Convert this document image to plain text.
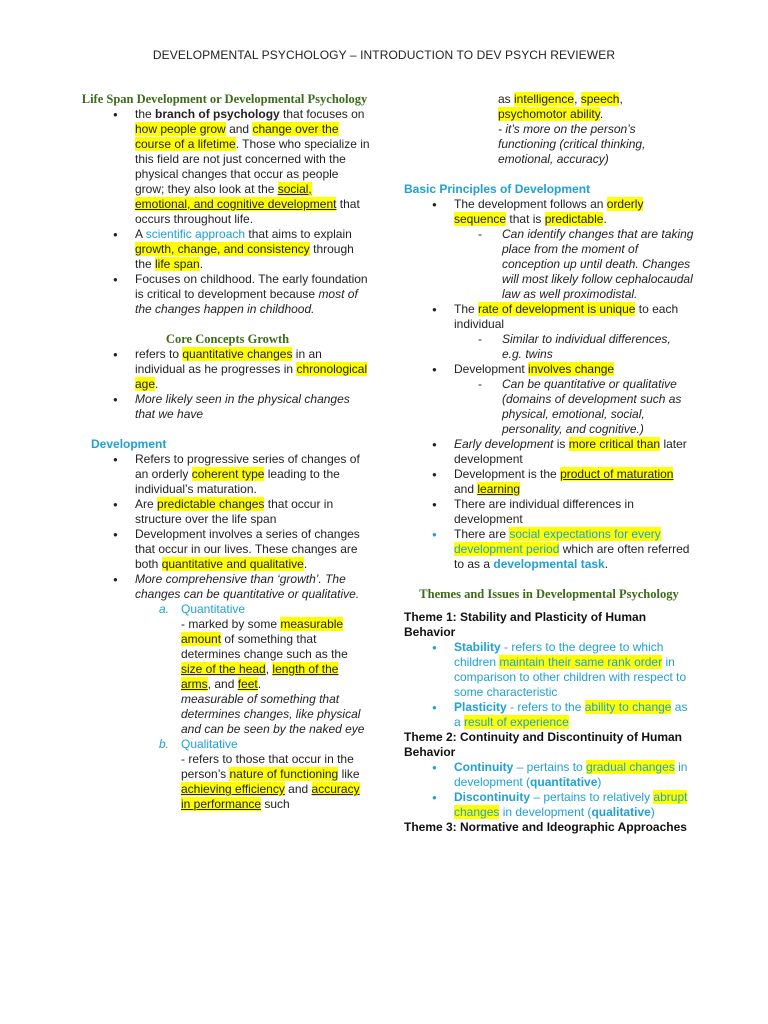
DEVELOPMENTAL PSYCHOLOGY – INTRODUCTION TO DEV PSYCH REVIEWER
Life Span Development or Developmental Psychology
● the branch of psychology that focuses on how people grow and change over the course of a lifetime. Those who specialize in this field are not just concerned with the physical changes that occur as people grow; they also look at the social, emotional, and cognitive development that occurs throughout life.
● A scientific approach that aims to explain growth, change, and consistency through the life span.
● Focuses on childhood. The early foundation is critical to development because most of the changes happen in childhood.
Core Concepts Growth
● refers to quantitative changes in an individual as he progresses in chronological age.
● More likely seen in the physical changes that we have
Development
● Refers to progressive series of changes of an orderly coherent type leading to the individual’s maturation.
● Are predictable changes that occur in structure over the life span
● Development involves a series of changes that occur in our lives. These changes are both quantitative and qualitative.
● More comprehensive than ‘growth’. The changes can be quantitative or qualitative.
a. Quantitative
- marked by some measurable amount of something that determines change such as the size of the head, length of the arms, and feet.
measurable of something that determines changes, like physical and can be seen by the naked eye
b. Qualitative
- refers to those that occur in the person’s nature of functioning like achieving efficiency and accuracy in performance such
as intelligence, speech, psychomotor ability.
- it’s more on the person’s functioning (critical thinking, emotional, accuracy)
Basic Principles of Development
● The development follows an orderly sequence that is predictable.
- Can identify changes that are taking place from the moment of conception up until death. Changes will most likely follow cephalocaudal law as well proximodistal.
● The rate of development is unique to each individual
- Similar to individual differences, e.g. twins
● Development involves change
- Can be quantitative or qualitative (domains of development such as physical, emotional, social, personality, and cognitive.)
● Early development is more critical than later development
● Development is the product of maturation and learning
● There are individual differences in development
● There are social expectations for every development period which are often referred to as a developmental task.
Themes and Issues in Developmental Psychology
Theme 1: Stability and Plasticity of Human Behavior
● Stability - refers to the degree to which children maintain their same rank order in comparison to other children with respect to some characteristic
● Plasticity - refers to the ability to change as a result of experience
Theme 2: Continuity and Discontinuity of Human Behavior
● Continuity – pertains to gradual changes in development (quantitative)
● Discontinuity – pertains to relatively abrupt changes in development (qualitative)
Theme 3: Normative and Ideographic Approaches
